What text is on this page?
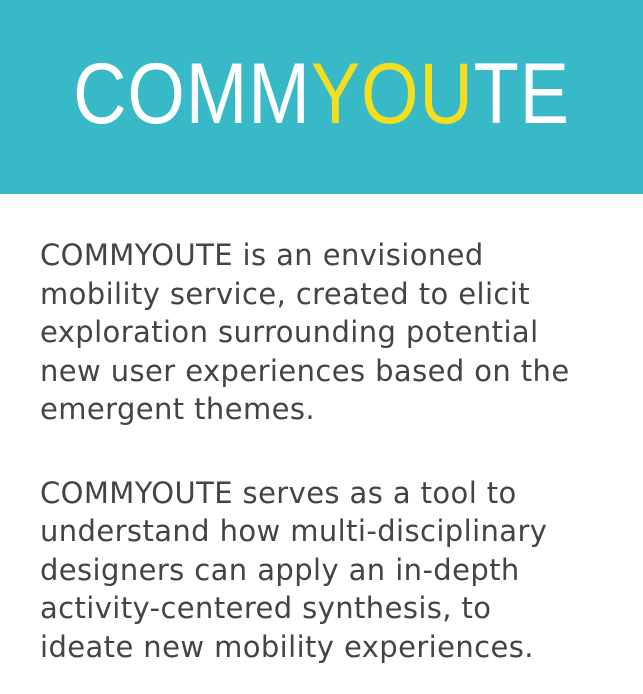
COMMYOUTE

COMMYOUTE is an envisioned
mobility service, created to elicit
exploration surrounding potential
new user experiences based on the
emergent themes.

COMMYOUTE serves as a tool to
understand how multi-disciplinary
designers can apply an in-depth
activity-centered synthesis, to
ideate new mobility experiences.
